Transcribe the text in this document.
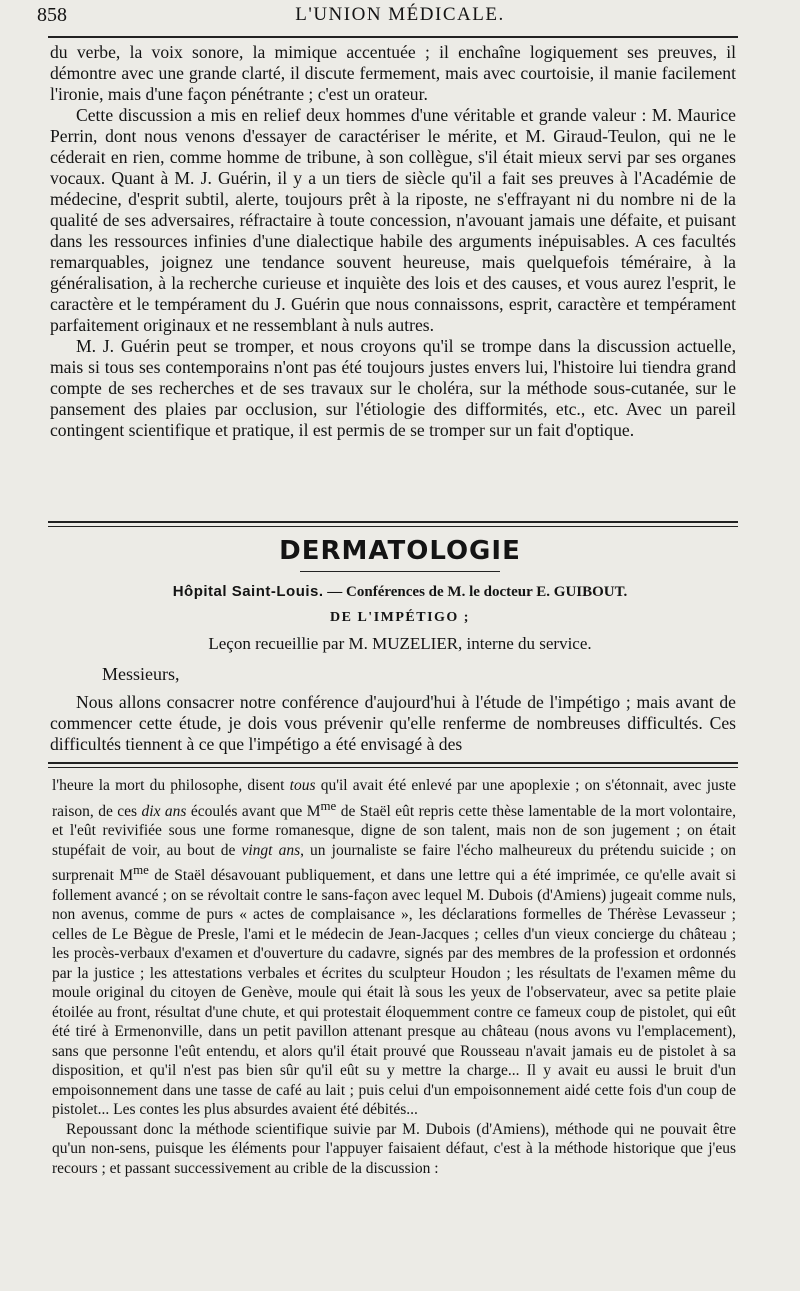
858	L'UNION MÉDICALE.

du verbe, la voix sonore, la mimique accentuée ; il enchaîne logiquement ses preuves, il démontre avec une grande clarté, il discute fermement, mais avec courtoisie, il manie facilement l'ironie, mais d'une façon pénétrante ; c'est un orateur.

Cette discussion a mis en relief deux hommes d'une véritable et grande valeur : M. Maurice Perrin, dont nous venons d'essayer de caractériser le mérite, et M. Giraud-Teulon, qui ne le céderait en rien, comme homme de tribune, à son collègue, s'il était mieux servi par ses organes vocaux. Quant à M. J. Guérin, il y a un tiers de siècle qu'il a fait ses preuves à l'Académie de médecine, d'esprit subtil, alerte, toujours prêt à la riposte, ne s'effrayant ni du nombre ni de la qualité de ses adversaires, réfractaire à toute concession, n'avouant jamais une défaite, et puisant dans les ressources infinies d'une dialectique habile des arguments inépuisables. A ces facultés remarquables, joignez une tendance souvent heureuse, mais quelquefois téméraire, à la généralisation, à la recherche curieuse et inquiète des lois et des causes, et vous aurez l'esprit, le caractère et le tempérament du J. Guérin que nous connaissons, esprit, caractère et tempérament parfaitement originaux et ne ressemblant à nuls autres.

M. J. Guérin peut se tromper, et nous croyons qu'il se trompe dans la discussion actuelle, mais si tous ses contemporains n'ont pas été toujours justes envers lui, l'histoire lui tiendra grand compte de ses recherches et de ses travaux sur le choléra, sur la méthode sous-cutanée, sur le pansement des plaies par occlusion, sur l'étiologie des difformités, etc., etc. Avec un pareil contingent scientifique et pratique, il est permis de se tromper sur un fait d'optique.

DERMATOLOGIE
Hôpital Saint-Louis. — Conférences de M. le docteur E. GUIBOUT.
DE L'IMPÉTIGO ;
Leçon recueillie par M. MUZELIER, interne du service.
Messieurs,

Nous allons consacrer notre conférence d'aujourd'hui à l'étude de l'impétigo ; mais avant de commencer cette étude, je dois vous prévenir qu'elle renferme de nombreuses difficultés. Ces difficultés tiennent à ce que l'impétigo a été envisagé à des

l'heure la mort du philosophe, disent tous qu'il avait été enlevé par une apoplexie ; on s'étonnait, avec juste raison, de ces dix ans écoulés avant que $M^{me}$ de Staël eût repris cette thèse lamentable de la mort volontaire, et l'eût revivifiée sous une forme romanesque, digne de son talent, mais non de son jugement ; on était stupéfait de voir, au bout de vingt ans, un journaliste se faire l'écho malheureux du prétendu suicide ; on surprenait $M^{me}$ de Staël désavouant publiquement, et dans une lettre qui a été imprimée, ce qu'elle avait si follement avancé ; on se révoltait contre le sans-façon avec lequel M. Dubois (d'Amiens) jugeait comme nuls, non avenus, comme de purs « actes de complaisance », les déclarations formelles de Thérèse Levasseur ; celles de Le Bègue de Presle, l'ami et le médecin de Jean-Jacques ; celles d'un vieux concierge du château ; les procès-verbaux d'examen et d'ouverture du cadavre, signés par des membres de la profession et ordonnés par la justice ; les attestations verbales et écrites du sculpteur Houdon ; les résultats de l'examen même du moule original du citoyen de Genève, moule qui était là sous les yeux de l'observateur, avec sa petite plaie étoilée au front, résultat d'une chute, et qui protestait éloquemment contre ce fameux coup de pistolet, qui eût été tiré à Ermenonville, dans un petit pavillon attenant presque au château (nous avons vu l'emplacement), sans que personne l'eût entendu, et alors qu'il était prouvé que Rousseau n'avait jamais eu de pistolet à sa disposition, et qu'il n'est pas bien sûr qu'il eût su y mettre la charge... Il y avait eu aussi le bruit d'un empoisonnement dans une tasse de café au lait ; puis celui d'un empoisonnement aidé cette fois d'un coup de pistolet... Les contes les plus absurdes avaient été débités...

Repoussant donc la méthode scientifique suivie par M. Dubois (d'Amiens), méthode qui ne pouvait être qu'un non-sens, puisque les éléments pour l'appuyer faisaient défaut, c'est à la méthode historique que j'eus recours ; et passant successivement au crible de la discussion :
